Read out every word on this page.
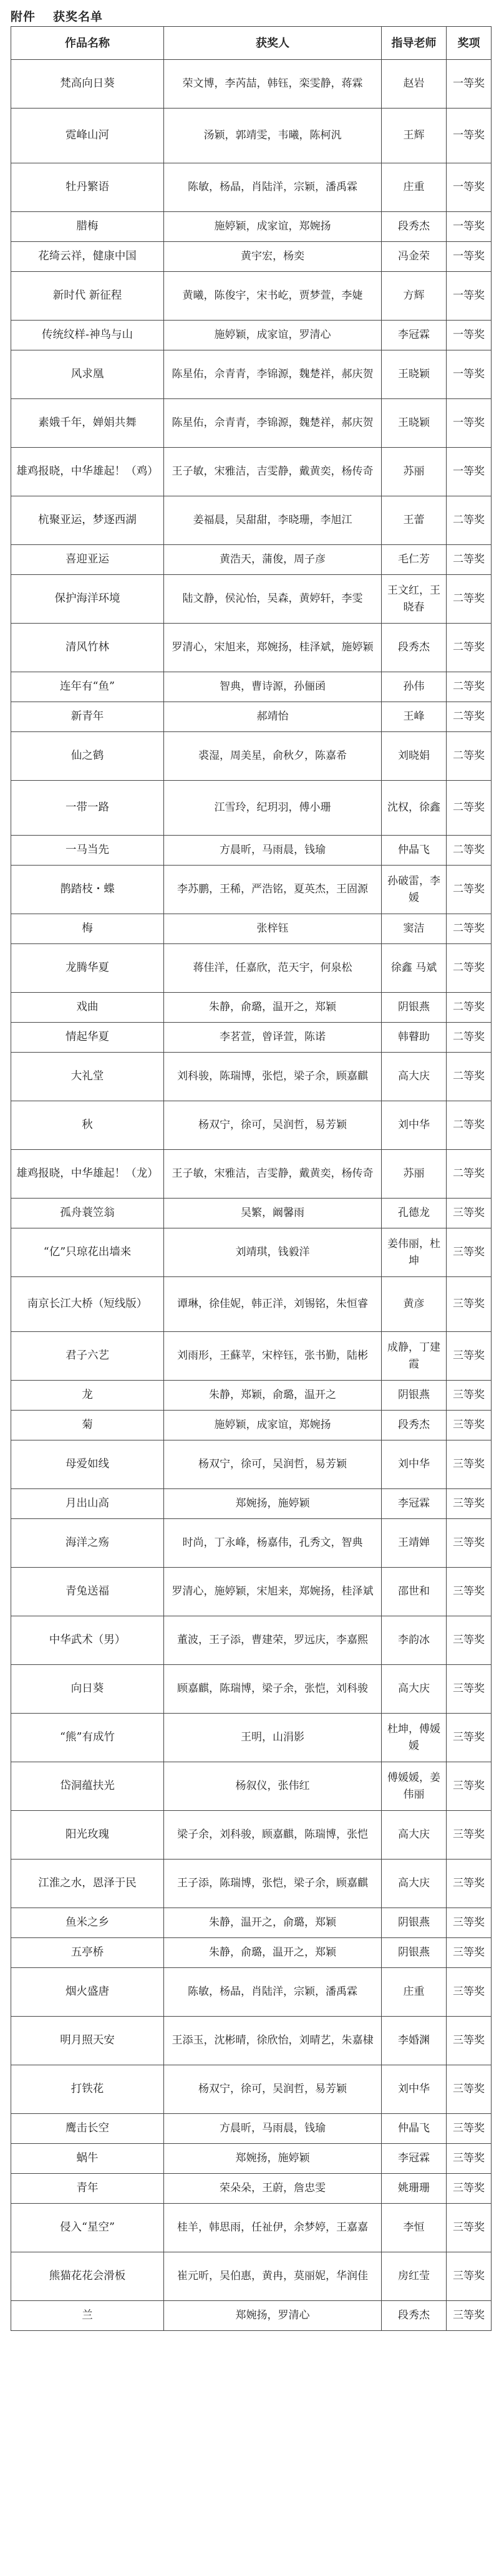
附件 获奖名单
作品名称	获奖人	指导老师	奖项
梵高向日葵	荣文博，李芮喆，韩钰，栾雯静，蒋霖	赵岩	一等奖
霓峰山河	汤颖，郭靖雯，韦曦，陈柯汎	王辉	一等奖
牡丹繁语	陈敏，杨晶，肖陆洋，宗颖，潘禹霖	庄重	一等奖
腊梅	施婷颖，成家谊，郑婉扬	段秀杰	一等奖
花绮云祥，健康中国	黄宇宏，杨奕	冯金荣	一等奖
新时代 新征程	黄曦，陈俊宇，宋书屹，贾梦萱，李婕	方辉	一等奖
传统纹样-神鸟与山	施婷颖，成家谊，罗清心	李冠霖	一等奖
风求凰	陈星佑，佘青青，李锦源，魏楚祥，郝庆贺	王晓颖	一等奖
素娥千年，婵娟共舞	陈星佑，佘青青，李锦源，魏楚祥，郝庆贺	王晓颖	一等奖
雄鸡报晓，中华雄起！（鸡）	王子敏，宋雅洁，吉雯静，戴黄奕，杨传奇	苏丽	一等奖
杭聚亚运，梦逐西湖	姜福晨，吴甜甜，李晓珊，李旭江	王蕾	二等奖
喜迎亚运	黄浩天，蒲俊，周子彦	毛仁芳	二等奖
保护海洋环境	陆文静，侯沁怡，吴森，黄婷轩，李雯	王文红，王晓春	二等奖
清风竹林	罗清心，宋旭来，郑婉扬，桂泽斌，施婷颖	段秀杰	二等奖
连年有“鱼”	智典，曹诗源，孙俪函	孙伟	二等奖
新青年	郝靖怡	王峰	二等奖
仙之鹤	裘湿，周美星，俞秋夕，陈嘉希	刘晓娟	二等奖
一带一路	江雪玲，纪玥羽，傅小珊	沈权，徐鑫	二等奖
一马当先	方晨昕，马雨晨，钱瑜	仲晶飞	二等奖
鹊踏枝・蝶	李苏鹏，王稀，严浩铭，夏英杰，王固源	孙破雷，李媛	二等奖
梅	张梓钰	窦洁	二等奖
龙腾华夏	蒋佳洋，任嘉欣，范天宇，何泉松	徐鑫 马斌	二等奖
戏曲	朱静，俞璐，温开之，郑颖	阴银燕	二等奖
情起华夏	李茗萱，曾译萱，陈诺	韩瞽助	二等奖
大礼堂	刘科骏，陈瑞博，张恺，梁子余，顾嘉麒	高大庆	二等奖
秋	杨双宁，徐可，吴润哲，易芳颖	刘中华	二等奖
雄鸡报晓，中华雄起！（龙）	王子敏，宋雅洁，吉雯静，戴黄奕，杨传奇	苏丽	二等奖
孤舟蓑笠翁	吴繁，阚馨雨	孔德龙	三等奖
“亿”只琼花出墙来	刘靖琪，钱毅洋	姜伟丽，杜坤	三等奖
南京长江大桥（短线版）	谭琳，徐佳妮，韩正洋，刘锡铭，朱恒睿	黄彦	三等奖
君子六艺	刘雨形，王蘇苹，宋梓钰，张书勤，陆彬	成静，丁建霞	三等奖
龙	朱静，郑颖，俞璐，温开之	阴银燕	三等奖
菊	施婷颖，成家谊，郑婉扬	段秀杰	三等奖
母爱如线	杨双宁，徐可，吴润哲，易芳颖	刘中华	三等奖
月出山高	郑婉扬，施婷颖	李冠霖	三等奖
海洋之殇	时尚，丁永峰，杨嘉伟，孔秀文，智典	王靖婵	三等奖
青兔送福	罗清心，施婷颖，宋旭来，郑婉扬，桂泽斌	邵世和	三等奖
中华武术（男）	董波，王子添，曹建荣，罗远庆，李嘉熙	李韵冰	三等奖
向日葵	顾嘉麒，陈瑞博，梁子余，张恺，刘科骏	高大庆	三等奖
“熊”有成竹	王明，山涓影	杜坤，傅媛媛	三等奖
岱洞蕴扶光	杨叙仪，张伟红	傅媛媛，姜伟丽	三等奖
阳光玫瑰	梁子余，刘科骏，顾嘉麒，陈瑞博，张恺	高大庆	三等奖
江淮之水，恩泽于民	王子添，陈瑞博，张恺，梁子余，顾嘉麒	高大庆	三等奖
鱼米之乡	朱静，温开之，俞璐，郑颖	阴银燕	三等奖
五亭桥	朱静，俞璐，温开之，郑颖	阴银燕	三等奖
烟火盛唐	陈敏，杨晶，肖陆洋，宗颖，潘禹霖	庄重	三等奖
明月照天安	王添玉，沈彬晴，徐欣怡，刘晴艺，朱嘉棣	李婚渊	三等奖
打铁花	杨双宁，徐可，吴润哲，易芳颖	刘中华	三等奖
鹰击长空	方晨昕，马雨晨，钱瑜	仲晶飞	三等奖
蜗牛	郑婉扬，施婷颖	李冠霖	三等奖
青年	荣朵朵，王蔚，詹忠雯	姚珊珊	三等奖
侵入“星空”	桂羊，韩思雨，任祉伊，余梦婷，王嘉嘉	李恒	三等奖
熊猫花花会滑板	崔元昕，吴伯惠，黄冉，莫丽妮，华润佳	房红莹	三等奖
兰	郑婉扬，罗清心	段秀杰	三等奖
